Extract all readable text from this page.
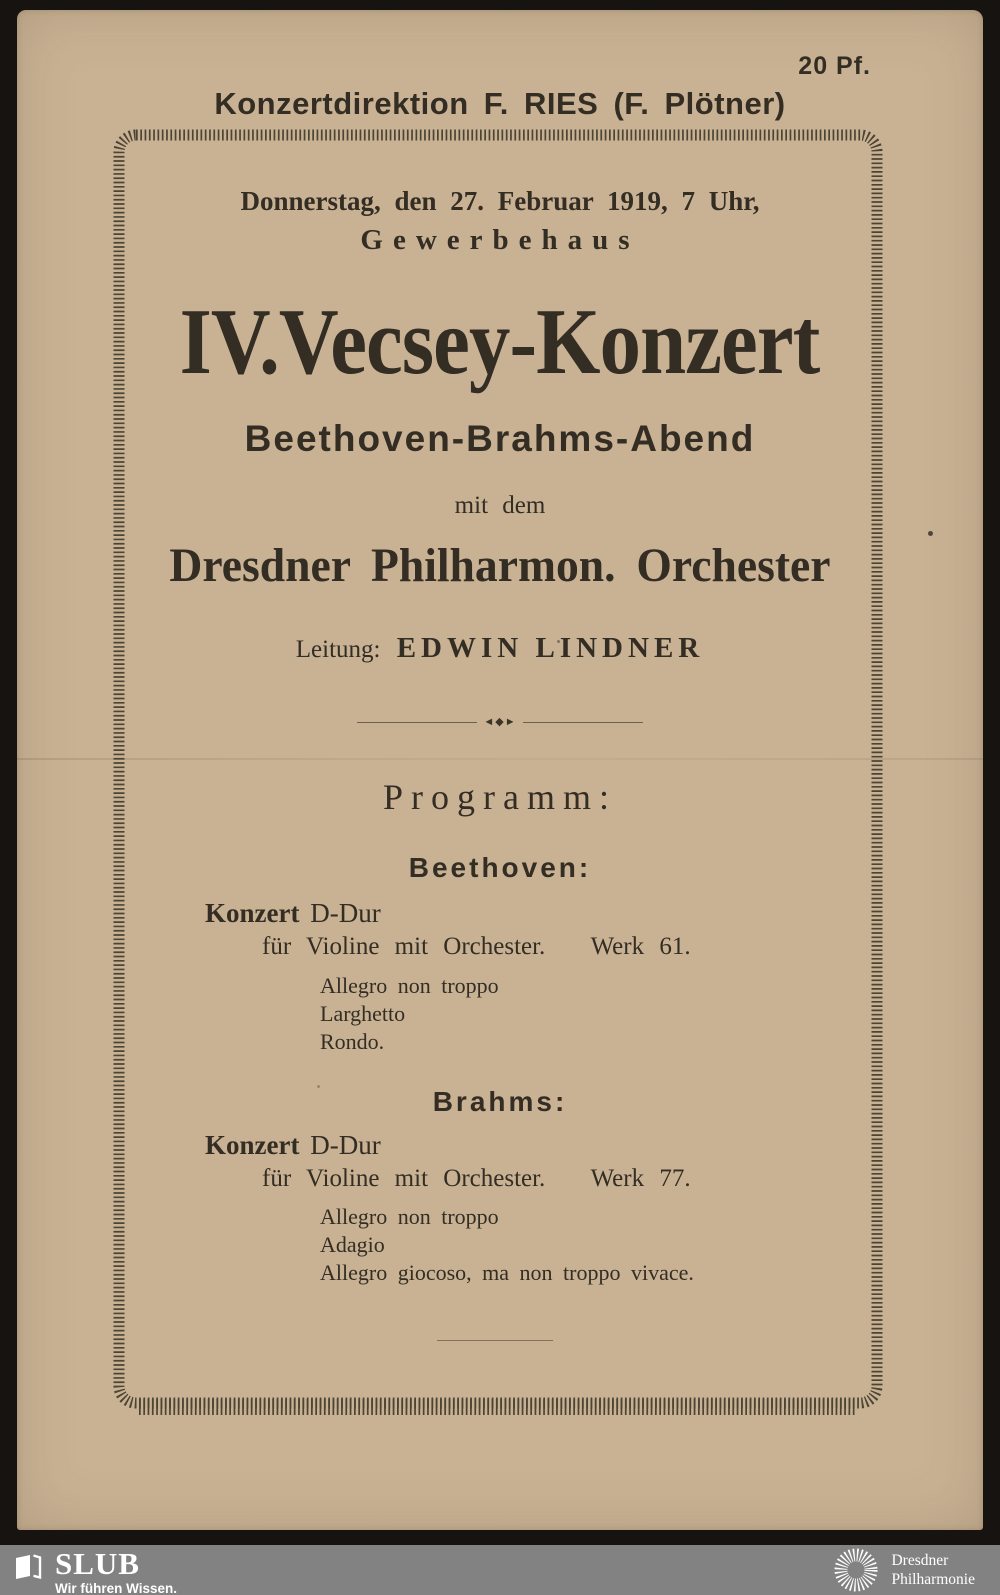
20 Pf.
Konzertdirektion F. RIES (F. Plötner)
Donnerstag, den 27. Februar 1919, 7 Uhr,
Gewerbehaus
IV.Vecsey-Konzert
Beethoven-Brahms-Abend
mit dem
Dresdner Philharmon. Orchester
Leitung: EDWIN LINDNER
◄◆►
Programm:
Beethoven:
Konzert D-Dur
für Violine mit Orchester. Werk 61.
Allegro non troppo
Larghetto
Rondo.
Brahms:
Konzert D-Dur
für Violine mit Orchester. Werk 77.
Allegro non troppo
Adagio
Allegro giocoso, ma non troppo vivace.
SLUB
Wir führen Wissen.
Dresdner
Philharmonie
